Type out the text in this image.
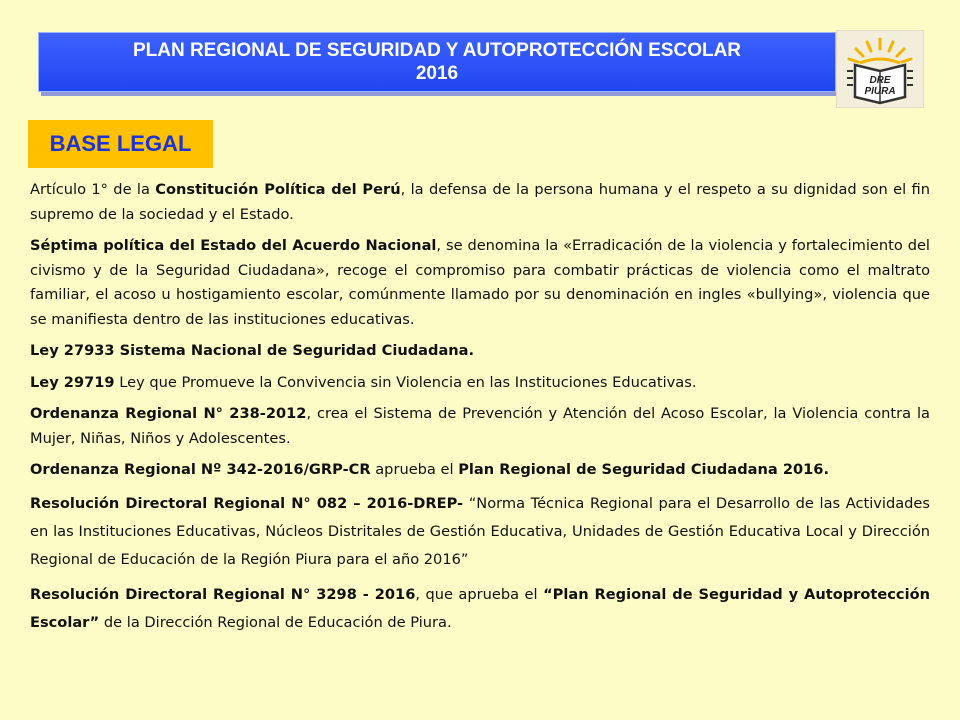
PLAN REGIONAL DE SEGURIDAD Y AUTOPROTECCIÓN ESCOLAR
2016	DRE
PIURA
BASE LEGAL

Artículo 1° de la Constitución Política del Perú, la defensa de la persona humana y el respeto a su dignidad son el fin supremo de la sociedad y el Estado.

Séptima política del Estado del Acuerdo Nacional, se denomina la «Erradicación de la violencia y fortalecimiento del civismo y de la Seguridad Ciudadana», recoge el compromiso para combatir prácticas de violencia como el maltrato familiar, el acoso u hostigamiento escolar, comúnmente llamado por su denominación en ingles «bullying», violencia que se manifiesta dentro de las instituciones educativas.

Ley 27933 Sistema Nacional de Seguridad Ciudadana.

Ley 29719 Ley que Promueve la Convivencia sin Violencia en las Instituciones Educativas.

Ordenanza Regional N° 238-2012, crea el Sistema de Prevención y Atención del Acoso Escolar, la Violencia contra la Mujer, Niñas, Niños y Adolescentes.

Ordenanza Regional Nº 342-2016/GRP-CR aprueba el Plan Regional de Seguridad Ciudadana 2016.

Resolución Directoral Regional N° 082 – 2016-DREP- “Norma Técnica Regional para el Desarrollo de las Actividades en las Instituciones Educativas, Núcleos Distritales de Gestión Educativa, Unidades de Gestión Educativa Local y Dirección Regional de Educación de la Región Piura para el año 2016”

Resolución Directoral Regional N° 3298 - 2016, que aprueba el “Plan Regional de Seguridad y Autoprotección Escolar” de la Dirección Regional de Educación de Piura.
